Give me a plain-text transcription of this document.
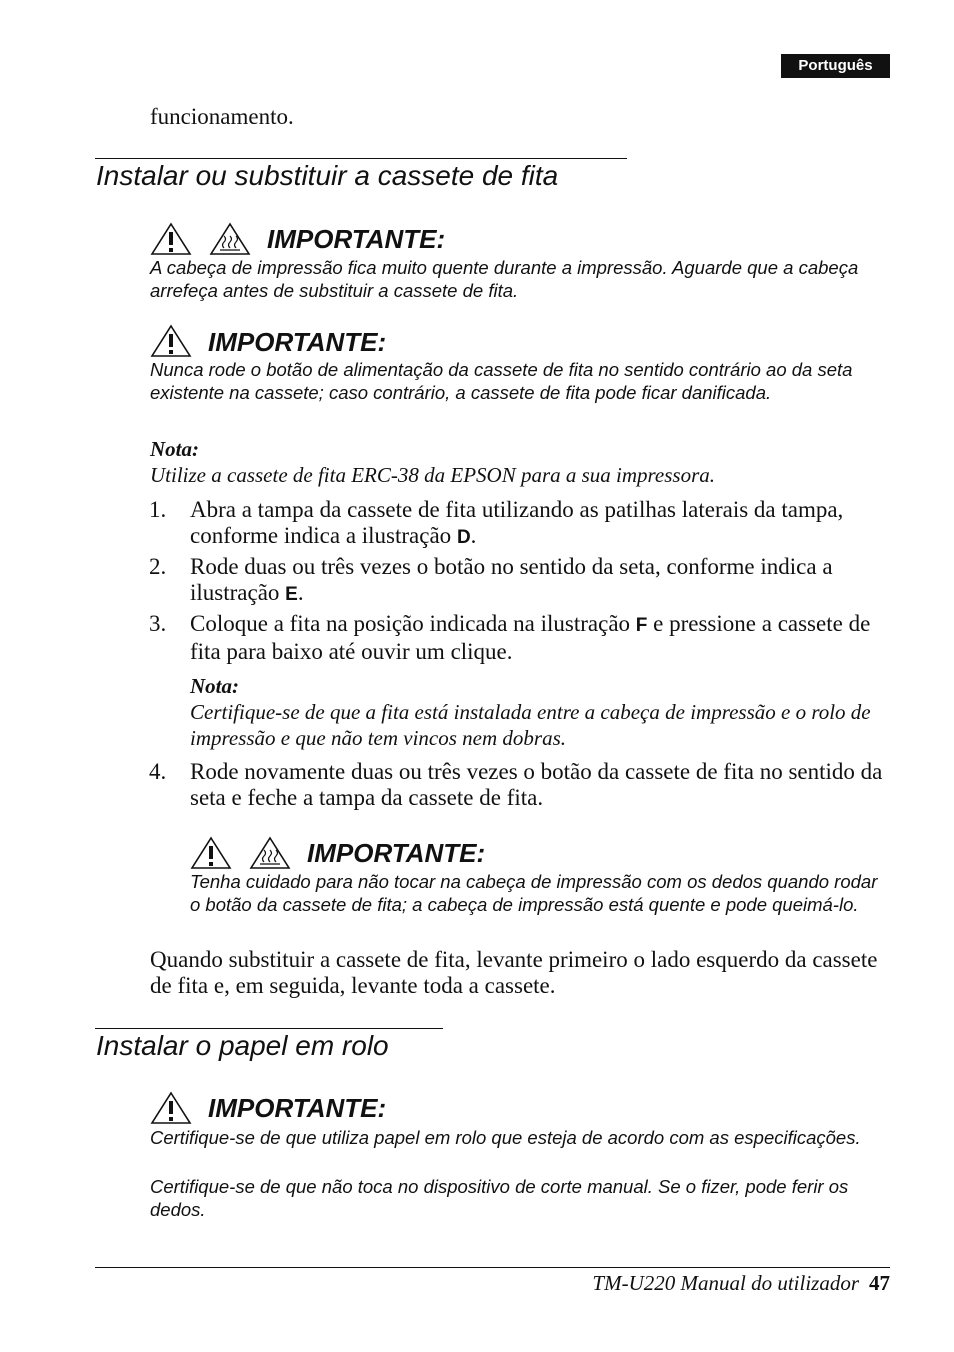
Português
funcionamento.
Instalar ou substituir a cassete de fita
IMPORTANTE:
A cabeça de impressão fica muito quente durante a impressão. Aguarde que a cabeça arrefeça antes de substituir a cassete de fita.
IMPORTANTE:
Nunca rode o botão de alimentação da cassete de fita no sentido contrário ao da seta existente na cassete; caso contrário, a cassete de fita pode ficar danificada.
Nota:
Utilize a cassete de fita ERC-38 da EPSON para a sua impressora.
1. Abra a tampa da cassete de fita utilizando as patilhas laterais da tampa, conforme indica a ilustração D.
2. Rode duas ou três vezes o botão no sentido da seta, conforme indica a ilustração E.
3. Coloque a fita na posição indicada na ilustração F e pressione a cassete de fita para baixo até ouvir um clique.
Nota:
Certifique-se de que a fita está instalada entre a cabeça de impressão e o rolo de impressão e que não tem vincos nem dobras.
4. Rode novamente duas ou três vezes o botão da cassete de fita no sentido da seta e feche a tampa da cassete de fita.
IMPORTANTE:
Tenha cuidado para não tocar na cabeça de impressão com os dedos quando rodar o botão da cassete de fita; a cabeça de impressão está quente e pode queimá-lo.
Quando substituir a cassete de fita, levante primeiro o lado esquerdo da cassete de fita e, em seguida, levante toda a cassete.
Instalar o papel em rolo
IMPORTANTE:
Certifique-se de que utiliza papel em rolo que esteja de acordo com as especificações.
Certifique-se de que não toca no dispositivo de corte manual. Se o fizer, pode ferir os dedos.
TM-U220 Manual do utilizador 47
